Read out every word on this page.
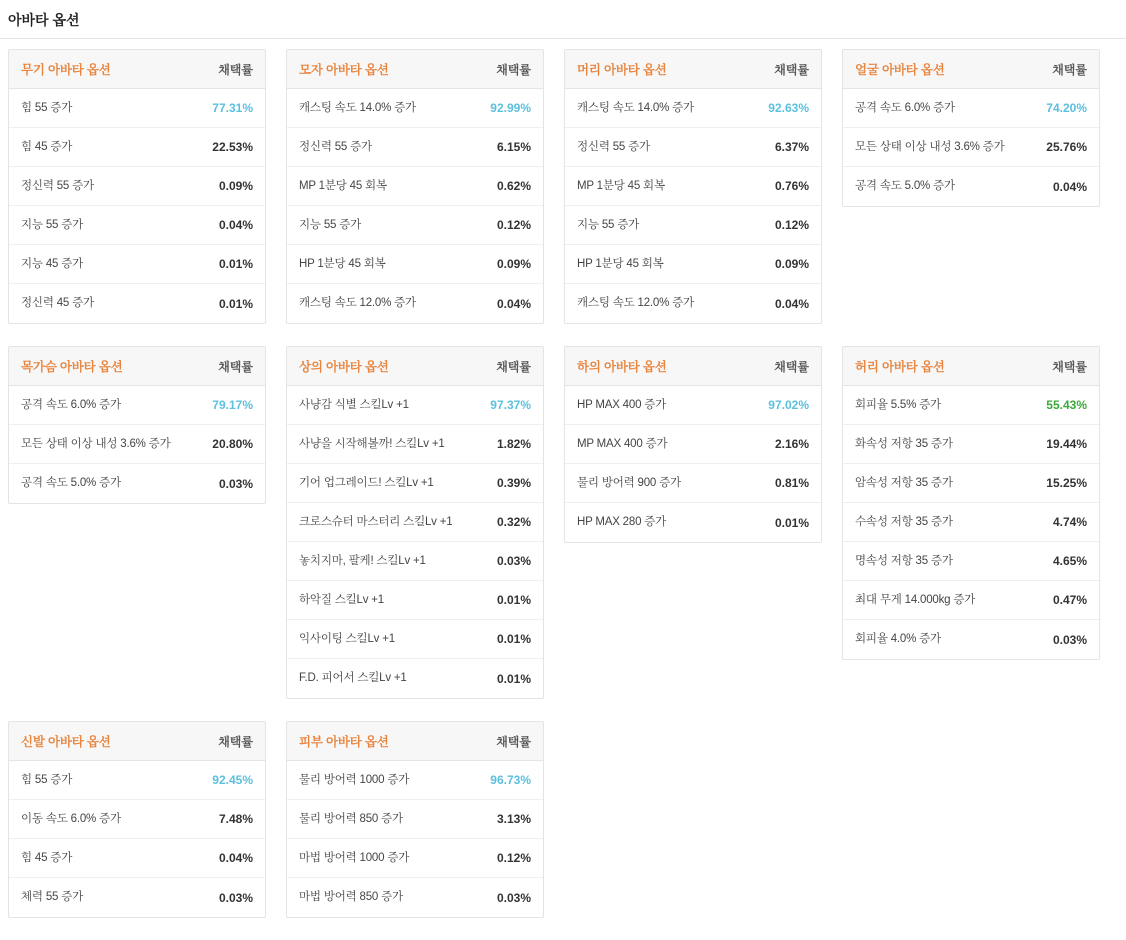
아바타 옵션
무기 아바타 옵션	채택률
힘 55 증가	77.31%
힘 45 증가	22.53%
정신력 55 증가	0.09%
지능 55 증가	0.04%
지능 45 증가	0.01%
정신력 45 증가	0.01%
모자 아바타 옵션	채택률
캐스팅 속도 14.0% 증가	92.99%
정신력 55 증가	6.15%
MP 1분당 45 회복	0.62%
지능 55 증가	0.12%
HP 1분당 45 회복	0.09%
캐스팅 속도 12.0% 증가	0.04%
머리 아바타 옵션	채택률
캐스팅 속도 14.0% 증가	92.63%
정신력 55 증가	6.37%
MP 1분당 45 회복	0.76%
지능 55 증가	0.12%
HP 1분당 45 회복	0.09%
캐스팅 속도 12.0% 증가	0.04%
얼굴 아바타 옵션	채택률
공격 속도 6.0% 증가	74.20%
모든 상태 이상 내성 3.6% 증가	25.76%
공격 속도 5.0% 증가	0.04%
목가슴 아바타 옵션	채택률
공격 속도 6.0% 증가	79.17%
모든 상태 이상 내성 3.6% 증가	20.80%
공격 속도 5.0% 증가	0.03%
상의 아바타 옵션	채택률
사냥감 식별 스킬Lv +1	97.37%
사냥을 시작해볼까! 스킬Lv +1	1.82%
기어 업그레이드! 스킬Lv +1	0.39%
크로스슈터 마스터리 스킬Lv +1	0.32%
놓치지마, 팔케! 스킬Lv +1	0.03%
하악질 스킬Lv +1	0.01%
익사이팅 스킬Lv +1	0.01%
F.D. 피어서 스킬Lv +1	0.01%
하의 아바타 옵션	채택률
HP MAX 400 증가	97.02%
MP MAX 400 증가	2.16%
물리 방어력 900 증가	0.81%
HP MAX 280 증가	0.01%
허리 아바타 옵션	채택률
회피율 5.5% 증가	55.43%
화속성 저항 35 증가	19.44%
암속성 저항 35 증가	15.25%
수속성 저항 35 증가	4.74%
명속성 저항 35 증가	4.65%
최대 무게 14.000kg 증가	0.47%
회피율 4.0% 증가	0.03%
신발 아바타 옵션	채택률
힘 55 증가	92.45%
이동 속도 6.0% 증가	7.48%
힘 45 증가	0.04%
체력 55 증가	0.03%
피부 아바타 옵션	채택률
물리 방어력 1000 증가	96.73%
물리 방어력 850 증가	3.13%
마법 방어력 1000 증가	0.12%
마법 방어력 850 증가	0.03%
